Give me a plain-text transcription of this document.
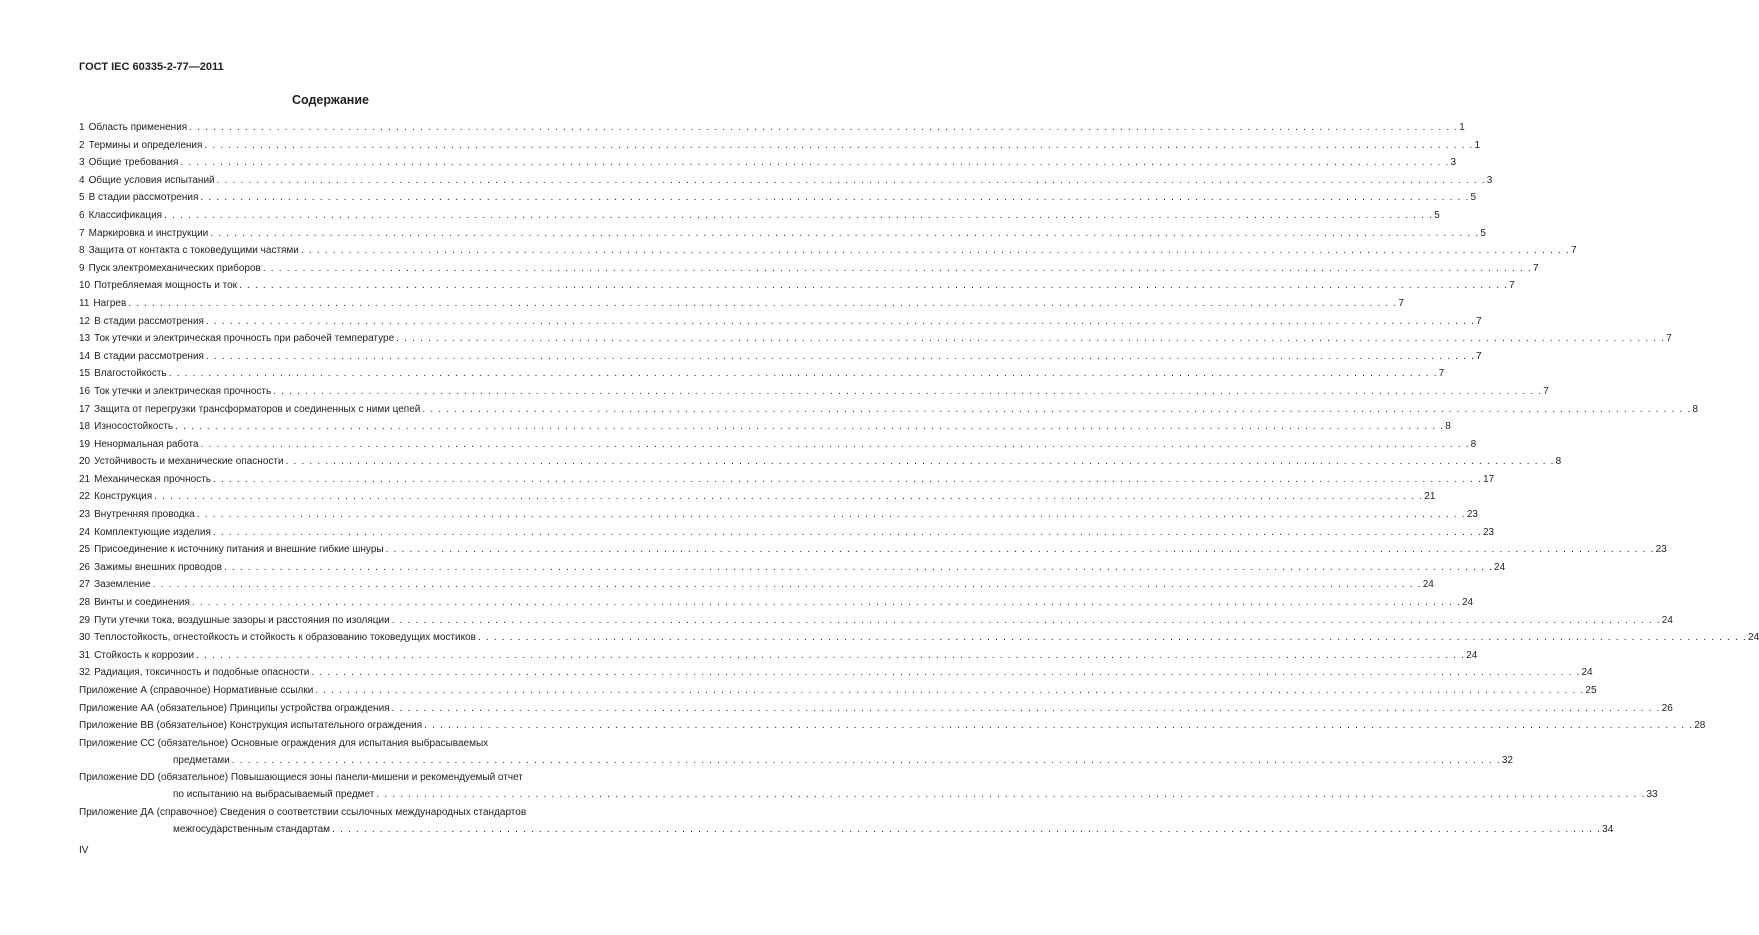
ГОСТ IEC 60335-2-77—2011
Содержание
1 Область применения . . . . . . . . . . . . . . . . . . . . . . . . . . . . . . . . . . . . . . . . . . . . . . . . . . . . . . . . . . . . . . . . . . . . . . . . . . . . . . . . . . . . . . . . . . . . . . . . . . . . . . . . . . . . . . . . . . . . . . . . . . . . . . . . . . . . . . . . . . . . . . . . . . . . . . . . . . . . . . . . 1
2 Термины и определения . . . . . . . . . . . . . . . . . . . . . . . . . . . . . . . . . . . . . . . . . . . . . . . . . . . . . . . . . . . . . . . . . . . . . . . . . . . . . . . . . . . . . . . . . . . . . . . . . . . . . . . . . . . . . . . . . . . . . . . . . . . . . . . . . . . . . . . . . . . . . . . . . . . . . . . . . . . . . . . . 1
3 Общие требования . . . . . . . . . . . . . . . . . . . . . . . . . . . . . . . . . . . . . . . . . . . . . . . . . . . . . . . . . . . . . . . . . . . . . . . . . . . . . . . . . . . . . . . . . . . . . . . . . . . . . . . . . . . . . . . . . . . . . . . . . . . . . . . . . . . . . . . . . . . . . . . . . . . . . . . . . . . . . . . . 3
4 Общие условия испытаний . . . . . . . . . . . . . . . . . . . . . . . . . . . . . . . . . . . . . . . . . . . . . . . . . . . . . . . . . . . . . . . . . . . . . . . . . . . . . . . . . . . . . . . . . . . . . . . . . . . . . . . . . . . . . . . . . . . . . . . . . . . . . . . . . . . . . . . . . . . . . . . . . . . . . . . . . . . . . . . . 3
5 В стадии рассмотрения . . . . . . . . . . . . . . . . . . . . . . . . . . . . . . . . . . . . . . . . . . . . . . . . . . . . . . . . . . . . . . . . . . . . . . . . . . . . . . . . . . . . . . . . . . . . . . . . . . . . . . . . . . . . . . . . . . . . . . . . . . . . . . . . . . . . . . . . . . . . . . . . . . . . . . . . . . . . . . . . 5
6 Классификация . . . . . . . . . . . . . . . . . . . . . . . . . . . . . . . . . . . . . . . . . . . . . . . . . . . . . . . . . . . . . . . . . . . . . . . . . . . . . . . . . . . . . . . . . . . . . . . . . . . . . . . . . . . . . . . . . . . . . . . . . . . . . . . . . . . . . . . . . . . . . . . . . . . . . . . . . . . . . . . . 5
7 Маркировка и инструкции . . . . . . . . . . . . . . . . . . . . . . . . . . . . . . . . . . . . . . . . . . . . . . . . . . . . . . . . . . . . . . . . . . . . . . . . . . . . . . . . . . . . . . . . . . . . . . . . . . . . . . . . . . . . . . . . . . . . . . . . . . . . . . . . . . . . . . . . . . . . . . . . . . . . . . . . . . . . . . . . 5
8 Защита от контакта с токоведущими частями . . . . . . . . . . . . . . . . . . . . . . . . . . . . . . . . . . . . . . . . . . . . . . . . . . . . . . . . . . . . . . . . . . . . . . . . . . . . . . . . . . . . . . . . . . . . . . . . . . . . . . . . . . . . . . . . . . . . . . . . . . . . . . . . . . . . . . . . . . . . . . . . . . . . . . . . . . . . . . . . 7
9 Пуск электромеханических приборов . . . . . . . . . . . . . . . . . . . . . . . . . . . . . . . . . . . . . . . . . . . . . . . . . . . . . . . . . . . . . . . . . . . . . . . . . . . . . . . . . . . . . . . . . . . . . . . . . . . . . . . . . . . . . . . . . . . . . . . . . . . . . . . . . . . . . . . . . . . . . . . . . . . . . . . . . . . . . . . . 7
10 Потребляемая мощность и ток . . . . . . . . . . . . . . . . . . . . . . . . . . . . . . . . . . . . . . . . . . . . . . . . . . . . . . . . . . . . . . . . . . . . . . . . . . . . . . . . . . . . . . . . . . . . . . . . . . . . . . . . . . . . . . . . . . . . . . . . . . . . . . . . . . . . . . . . . . . . . . . . . . . . . . . . . . . . . . . . 7
11 Нагрев . . . . . . . . . . . . . . . . . . . . . . . . . . . . . . . . . . . . . . . . . . . . . . . . . . . . . . . . . . . . . . . . . . . . . . . . . . . . . . . . . . . . . . . . . . . . . . . . . . . . . . . . . . . . . . . . . . . . . . . . . . . . . . . . . . . . . . . . . . . . . . . . . . . . . . . . . . . . . . . . 7
12 В стадии рассмотрения . . . . . . . . . . . . . . . . . . . . . . . . . . . . . . . . . . . . . . . . . . . . . . . . . . . . . . . . . . . . . . . . . . . . . . . . . . . . . . . . . . . . . . . . . . . . . . . . . . . . . . . . . . . . . . . . . . . . . . . . . . . . . . . . . . . . . . . . . . . . . . . . . . . . . . . . . . . . . . . . 7
13 Ток утечки и электрическая прочность при рабочей температуре . . . . . . . . . . . . . . . . . . . . . . . . . . . . . . . . . . . . . . . . . . . . . . . . . . . . . . . . . . . . . . . . . . . . . . . . . . . . . . . . . . . . . . . . . . . . . . . . . . . . . . . . . . . . . . . . . . . . . . . . . . . . . . . . . . . . . . . . . . . . . . . . . . . . . . . . . . . . . . . . 7
14 В стадии рассмотрения . . . . . . . . . . . . . . . . . . . . . . . . . . . . . . . . . . . . . . . . . . . . . . . . . . . . . . . . . . . . . . . . . . . . . . . . . . . . . . . . . . . . . . . . . . . . . . . . . . . . . . . . . . . . . . . . . . . . . . . . . . . . . . . . . . . . . . . . . . . . . . . . . . . . . . . . . . . . . . . . 7
15 Влагостойкость . . . . . . . . . . . . . . . . . . . . . . . . . . . . . . . . . . . . . . . . . . . . . . . . . . . . . . . . . . . . . . . . . . . . . . . . . . . . . . . . . . . . . . . . . . . . . . . . . . . . . . . . . . . . . . . . . . . . . . . . . . . . . . . . . . . . . . . . . . . . . . . . . . . . . . . . . . . . . . . . 7
16 Ток утечки и электрическая прочность . . . . . . . . . . . . . . . . . . . . . . . . . . . . . . . . . . . . . . . . . . . . . . . . . . . . . . . . . . . . . . . . . . . . . . . . . . . . . . . . . . . . . . . . . . . . . . . . . . . . . . . . . . . . . . . . . . . . . . . . . . . . . . . . . . . . . . . . . . . . . . . . . . . . . . . . . . . . . . . . 7
17 Защита от перегрузки трансформаторов и соединенных с ними цепей . . . . . . . . . . . . . . . . . . . . . . . . . . . . . . . . . . . . . . . . . . . . . . . . . . . . . . . . . . . . . . . . . . . . . . . . . . . . . . . . . . . . . . . . . . . . . . . . . . . . . . . . . . . . . . . . . . . . . . . . . . . . . . . . . . . . . . . . . . . . . . . . . . . . . . . . . . . . . . . . 8
18 Износостойкость . . . . . . . . . . . . . . . . . . . . . . . . . . . . . . . . . . . . . . . . . . . . . . . . . . . . . . . . . . . . . . . . . . . . . . . . . . . . . . . . . . . . . . . . . . . . . . . . . . . . . . . . . . . . . . . . . . . . . . . . . . . . . . . . . . . . . . . . . . . . . . . . . . . . . . . . . . . . . . . . 8
19 Ненормальная работа . . . . . . . . . . . . . . . . . . . . . . . . . . . . . . . . . . . . . . . . . . . . . . . . . . . . . . . . . . . . . . . . . . . . . . . . . . . . . . . . . . . . . . . . . . . . . . . . . . . . . . . . . . . . . . . . . . . . . . . . . . . . . . . . . . . . . . . . . . . . . . . . . . . . . . . . . . . . . . . . 8
20 Устойчивость и механические опасности . . . . . . . . . . . . . . . . . . . . . . . . . . . . . . . . . . . . . . . . . . . . . . . . . . . . . . . . . . . . . . . . . . . . . . . . . . . . . . . . . . . . . . . . . . . . . . . . . . . . . . . . . . . . . . . . . . . . . . . . . . . . . . . . . . . . . . . . . . . . . . . . . . . . . . . . . . . . . . . . 8
21 Механическая прочность . . . . . . . . . . . . . . . . . . . . . . . . . . . . . . . . . . . . . . . . . . . . . . . . . . . . . . . . . . . . . . . . . . . . . . . . . . . . . . . . . . . . . . . . . . . . . . . . . . . . . . . . . . . . . . . . . . . . . . . . . . . . . . . . . . . . . . . . . . . . . . . . . . . . . . . . . . . . . . . . 17
22 Конструкция . . . . . . . . . . . . . . . . . . . . . . . . . . . . . . . . . . . . . . . . . . . . . . . . . . . . . . . . . . . . . . . . . . . . . . . . . . . . . . . . . . . . . . . . . . . . . . . . . . . . . . . . . . . . . . . . . . . . . . . . . . . . . . . . . . . . . . . . . . . . . . . . . . . . . . . . . . . . . . . . 21
23 Внутренняя проводка . . . . . . . . . . . . . . . . . . . . . . . . . . . . . . . . . . . . . . . . . . . . . . . . . . . . . . . . . . . . . . . . . . . . . . . . . . . . . . . . . . . . . . . . . . . . . . . . . . . . . . . . . . . . . . . . . . . . . . . . . . . . . . . . . . . . . . . . . . . . . . . . . . . . . . . . . . . . . . . . 23
24 Комплектующие изделия . . . . . . . . . . . . . . . . . . . . . . . . . . . . . . . . . . . . . . . . . . . . . . . . . . . . . . . . . . . . . . . . . . . . . . . . . . . . . . . . . . . . . . . . . . . . . . . . . . . . . . . . . . . . . . . . . . . . . . . . . . . . . . . . . . . . . . . . . . . . . . . . . . . . . . . . . . . . . . . . 23
25 Присоединение к источнику питания и внешние гибкие шнуры . . . . . . . . . . . . . . . . . . . . . . . . . . . . . . . . . . . . . . . . . . . . . . . . . . . . . . . . . . . . . . . . . . . . . . . . . . . . . . . . . . . . . . . . . . . . . . . . . . . . . . . . . . . . . . . . . . . . . . . . . . . . . . . . . . . . . . . . . . . . . . . . . . . . . . . . . . . . . . . . 23
26 Зажимы внешних проводов . . . . . . . . . . . . . . . . . . . . . . . . . . . . . . . . . . . . . . . . . . . . . . . . . . . . . . . . . . . . . . . . . . . . . . . . . . . . . . . . . . . . . . . . . . . . . . . . . . . . . . . . . . . . . . . . . . . . . . . . . . . . . . . . . . . . . . . . . . . . . . . . . . . . . . . . . . . . . . . . 24
27 Заземление . . . . . . . . . . . . . . . . . . . . . . . . . . . . . . . . . . . . . . . . . . . . . . . . . . . . . . . . . . . . . . . . . . . . . . . . . . . . . . . . . . . . . . . . . . . . . . . . . . . . . . . . . . . . . . . . . . . . . . . . . . . . . . . . . . . . . . . . . . . . . . . . . . . . . . . . . . . . . . . . 24
28 Винты и соединения . . . . . . . . . . . . . . . . . . . . . . . . . . . . . . . . . . . . . . . . . . . . . . . . . . . . . . . . . . . . . . . . . . . . . . . . . . . . . . . . . . . . . . . . . . . . . . . . . . . . . . . . . . . . . . . . . . . . . . . . . . . . . . . . . . . . . . . . . . . . . . . . . . . . . . . . . . . . . . . . 24
29 Пути утечки тока, воздушные зазоры и расстояния по изоляции . . . . . . . . . . . . . . . . . . . . . . . . . . . . . . . . . . . . . . . . . . . . . . . . . . . . . . . . . . . . . . . . . . . . . . . . . . . . . . . . . . . . . . . . . . . . . . . . . . . . . . . . . . . . . . . . . . . . . . . . . . . . . . . . . . . . . . . . . . . . . . . . . . . . . . . . . . . . . . . . 24
30 Теплостойкость, огнестойкость и стойкость к образованию токоведущих мостиков . . . . . . . . . . . . . . . . . . . . . . . . . . . . . . . . . . . . . . . . . . . . . . . . . . . . . . . . . . . . . . . . . . . . . . . . . . . . . . . . . . . . . . . . . . . . . . . . . . . . . . . . . . . . . . . . . . . . . . . . . . . . . . . . . . . . . . . . . . . . . . . . . . . . . . . . . . . . . . . . 24
31 Стойкость к коррозии . . . . . . . . . . . . . . . . . . . . . . . . . . . . . . . . . . . . . . . . . . . . . . . . . . . . . . . . . . . . . . . . . . . . . . . . . . . . . . . . . . . . . . . . . . . . . . . . . . . . . . . . . . . . . . . . . . . . . . . . . . . . . . . . . . . . . . . . . . . . . . . . . . . . . . . . . . . . . . . . 24
32 Радиация, токсичность и подобные опасности . . . . . . . . . . . . . . . . . . . . . . . . . . . . . . . . . . . . . . . . . . . . . . . . . . . . . . . . . . . . . . . . . . . . . . . . . . . . . . . . . . . . . . . . . . . . . . . . . . . . . . . . . . . . . . . . . . . . . . . . . . . . . . . . . . . . . . . . . . . . . . . . . . . . . . . . . . . . . . . . 24
Приложение А (справочное) Нормативные ссылки . . . . . . . . . . . . . . . . . . . . . . . . . . . . . . . . . . . . . . . . . . . . . . . . . . . . . . . . . . . . . . . . . . . . . . . . . . . . . . . . . . . . . . . . . . . . . . . . . . . . . . . . . . . . . . . . . . . . . . . . . . . . . . . . . . . . . . . . . . . . . . . . . . . . . . . . . . . . . . . . 25
Приложение АА (обязательное) Принципы устройства ограждения . . . . . . . . . . . . . . . . . . . . . . . . . . . . . . . . . . . . . . . . . . . . . . . . . . . . . . . . . . . . . . . . . . . . . . . . . . . . . . . . . . . . . . . . . . . . . . . . . . . . . . . . . . . . . . . . . . . . . . . . . . . . . . . . . . . . . . . . . . . . . . . . . . . . . . . . . . . . . . . . 26
Приложение ВВ (обязательное) Конструкция испытательного ограждения . . . . . . . . . . . . . . . . . . . . . . . . . . . . . . . . . . . . . . . . . . . . . . . . . . . . . . . . . . . . . . . . . . . . . . . . . . . . . . . . . . . . . . . . . . . . . . . . . . . . . . . . . . . . . . . . . . . . . . . . . . . . . . . . . . . . . . . . . . . . . . . . . . . . . . . . . . . . . . . . 28
Приложение СС (обязательное) Основные ограждения для испытания выбрасываемых
предметами . . . . . . . . . . . . . . . . . . . . . . . . . . . . . . . . . . . . . . . . . . . . . . . . . . . . . . . . . . . . . . . . . . . . . . . . . . . . . . . . . . . . . . . . . . . . . . . . . . . . . . . . . . . . . . . . . . . . . . . . . . . . . . . . . . . . . . . . . . . . . . . . . . . . . . . . . . . . . . . . 32
Приложение DD (обязательное) Повышающиеся зоны панели-мишени и рекомендуемый отчет
по испытанию на выбрасываемый предмет . . . . . . . . . . . . . . . . . . . . . . . . . . . . . . . . . . . . . . . . . . . . . . . . . . . . . . . . . . . . . . . . . . . . . . . . . . . . . . . . . . . . . . . . . . . . . . . . . . . . . . . . . . . . . . . . . . . . . . . . . . . . . . . . . . . . . . . . . . . . . . . . . . . . . . . . . . . . . . . . 33
Приложение ДА (справочное) Сведения о соответствии ссылочных международных стандартов
межгосударственным стандартам . . . . . . . . . . . . . . . . . . . . . . . . . . . . . . . . . . . . . . . . . . . . . . . . . . . . . . . . . . . . . . . . . . . . . . . . . . . . . . . . . . . . . . . . . . . . . . . . . . . . . . . . . . . . . . . . . . . . . . . . . . . . . . . . . . . . . . . . . . . . . . . . . . . . . . . . . . . . . . . . 34
IV
